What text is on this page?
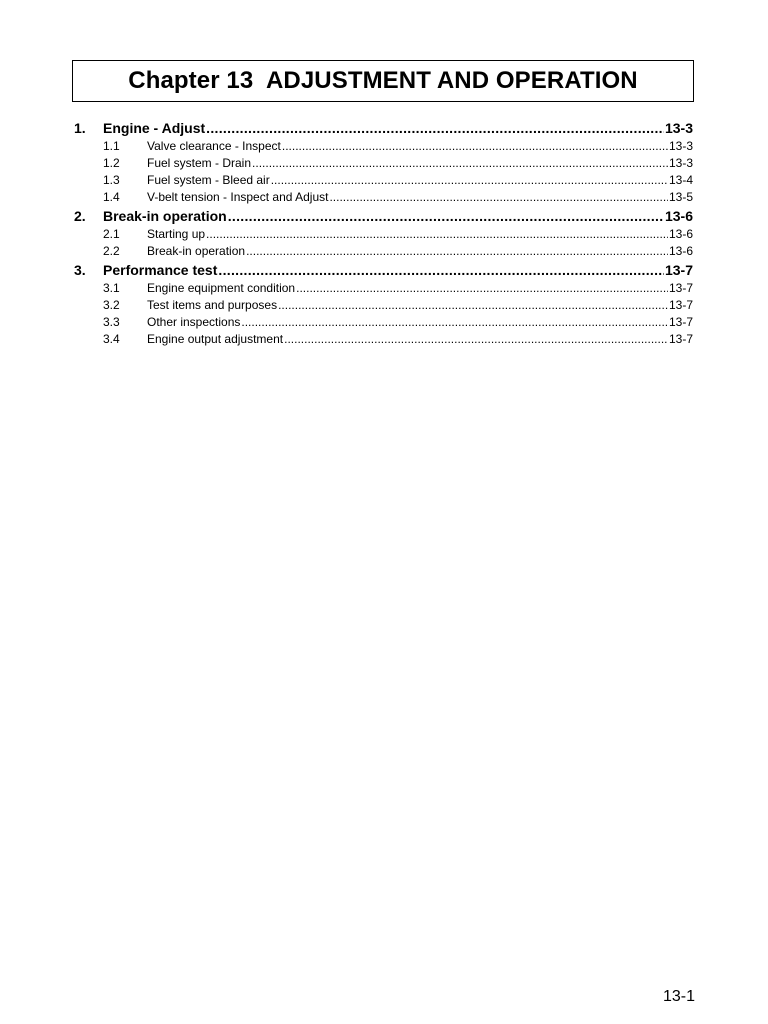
Chapter 13  ADJUSTMENT AND OPERATION
1.	Engine - Adjust .....	13-3
1.1	Valve clearance - Inspect .....	13-3
1.2	Fuel system - Drain .....	13-3
1.3	Fuel system - Bleed air .....	13-4
1.4	V-belt tension - Inspect and Adjust .....	13-5
2.	Break-in operation .....	13-6
2.1	Starting up .....	13-6
2.2	Break-in operation .....	13-6
3.	Performance test .....	13-7
3.1	Engine equipment condition .....	13-7
3.2	Test items and purposes .....	13-7
3.3	Other inspections .....	13-7
3.4	Engine output adjustment .....	13-7
13-1
